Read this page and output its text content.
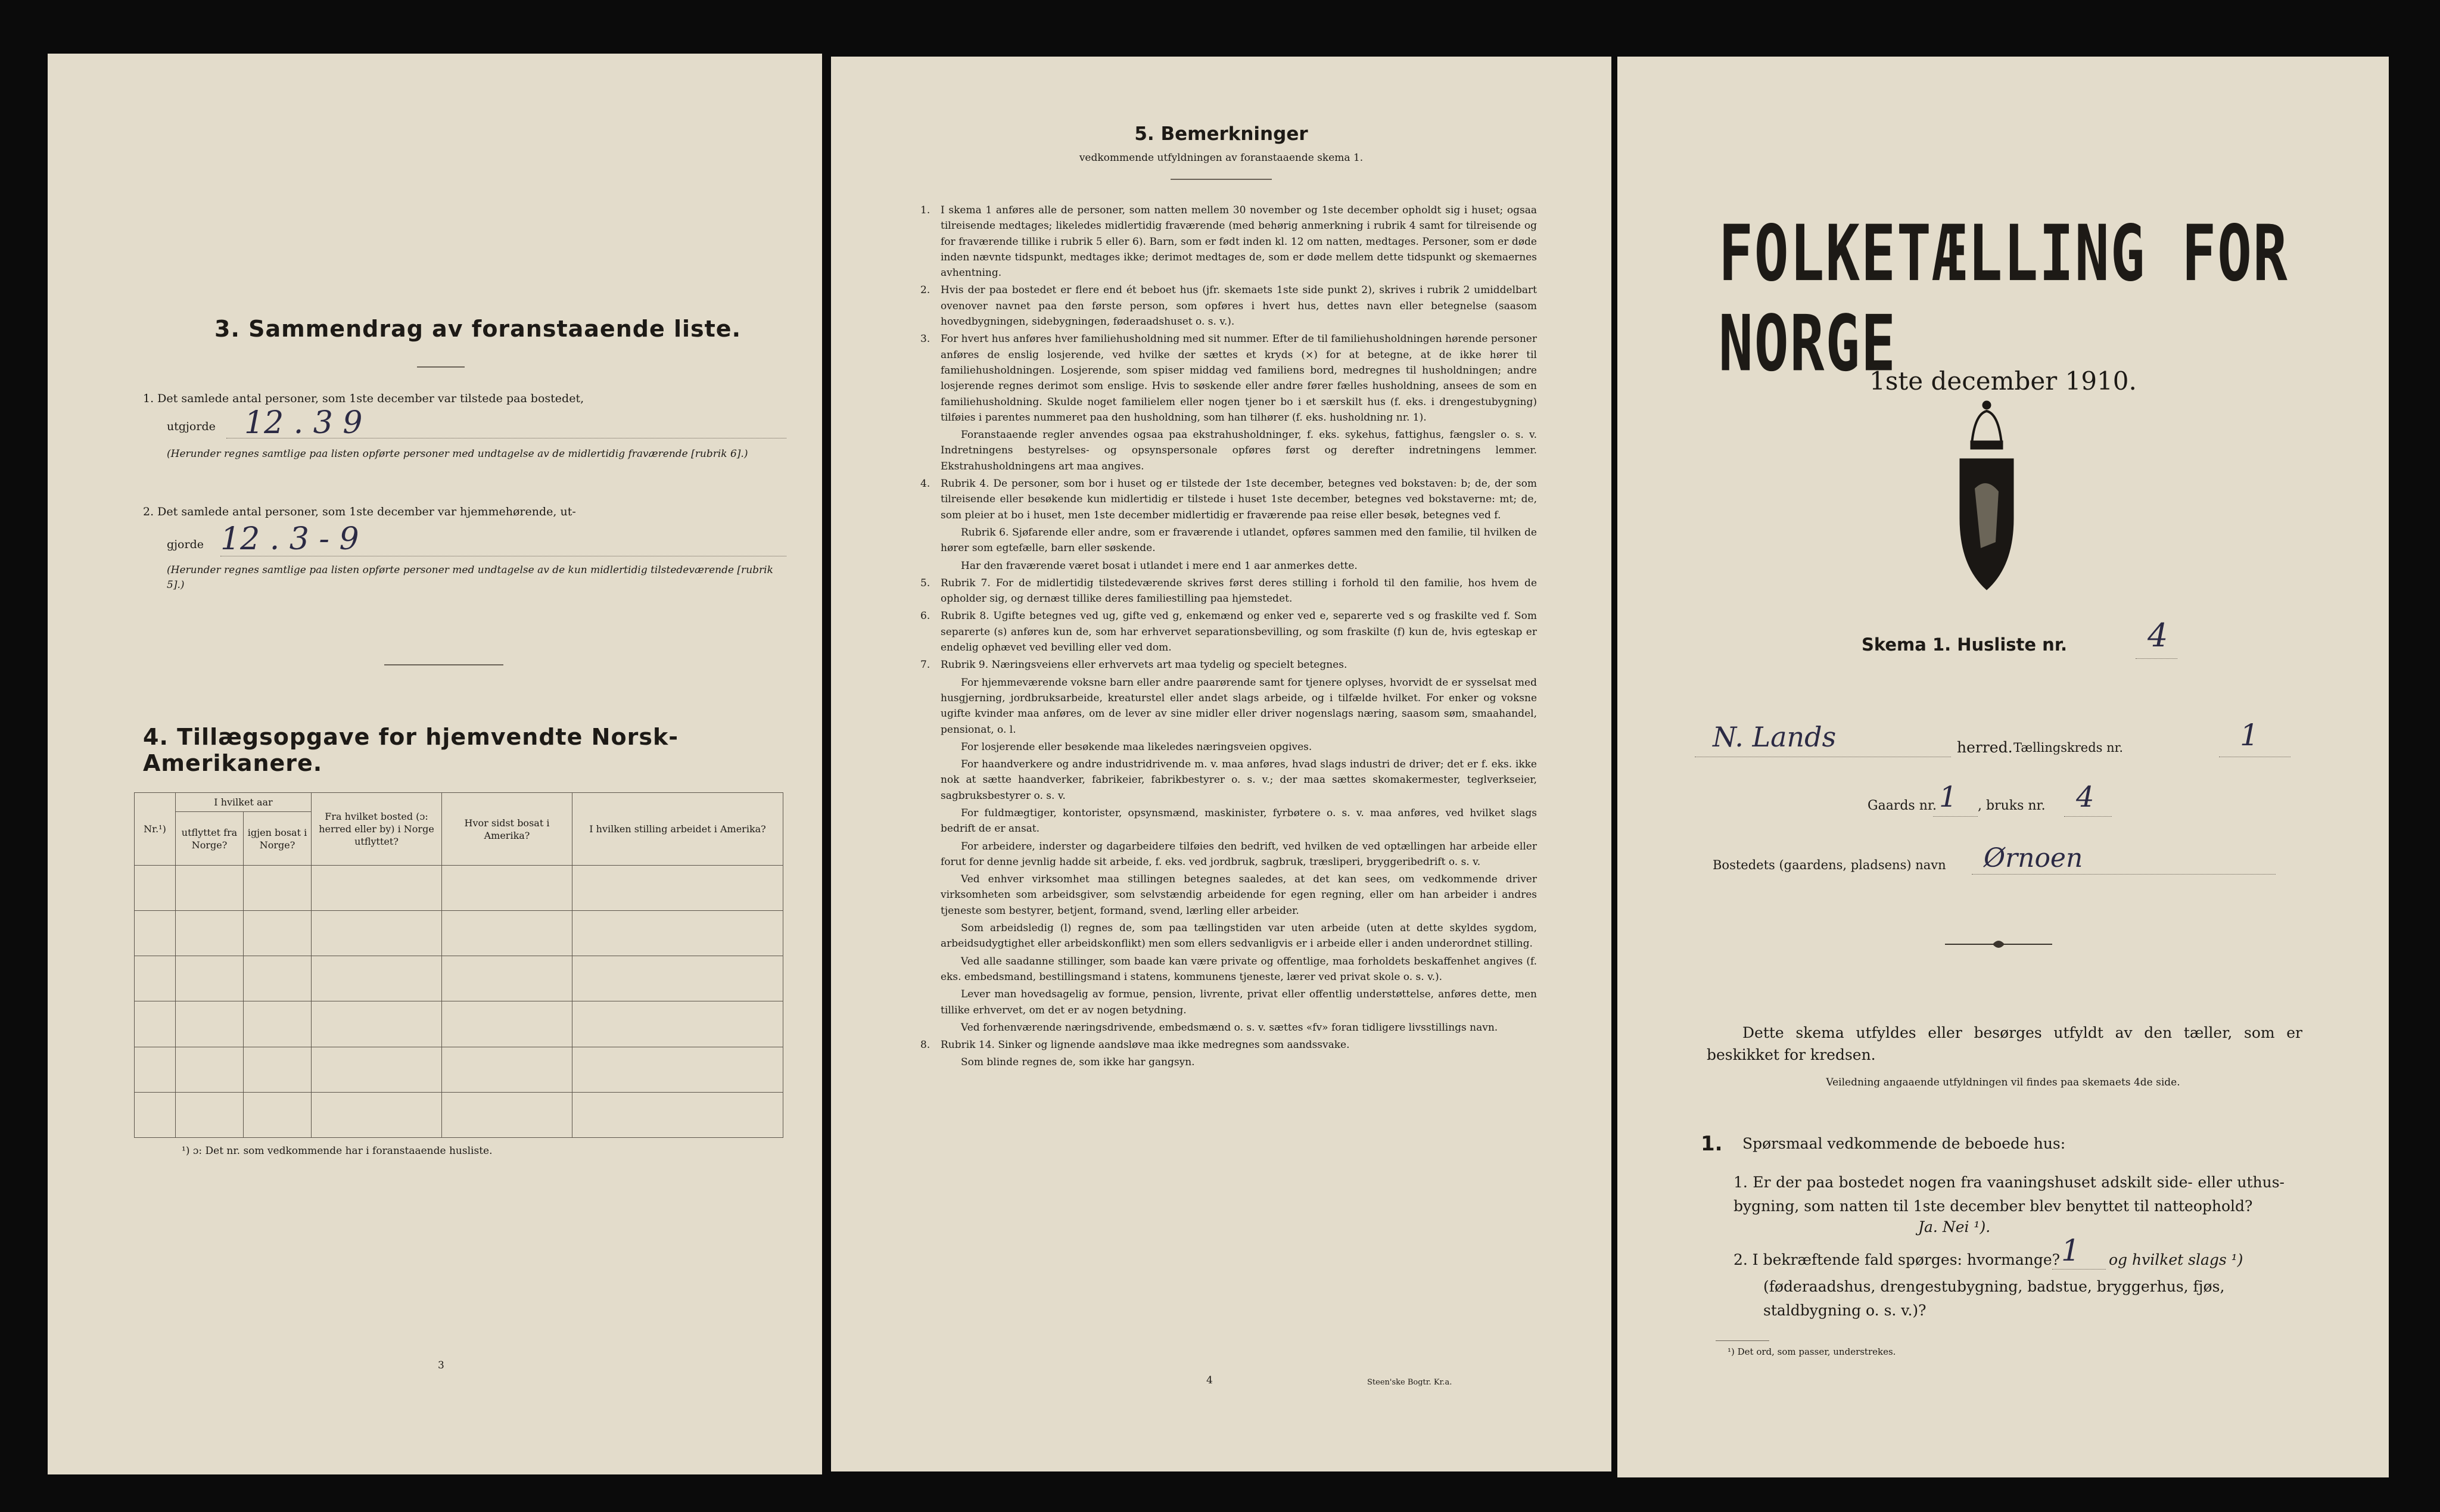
3. Sammendrag av foranstaaende liste.
1. Det samlede antal personer, som 1ste december var tilstede paa bostedet,
utgjorde 12 . 3 9
(Herunder regnes samtlige paa listen opførte personer med undtagelse av de midlertidig fraværende [rubrik 6].)
2. Det samlede antal personer, som 1ste december var hjemmehørende, ut-
gjorde 12 . 3 - 9
(Herunder regnes samtlige paa listen opførte personer med undtagelse av de kun midlertidig tilstedeværende [rubrik 5].)
4. Tillægsopgave for hjemvendte Norsk-Amerikanere.
Nr.¹)	I hvilket aar		Fra hvilket bosted (ɔ: herred eller by) i Norge utflyttet?	Hvor sidst bosat i Amerika?	I hvilken stilling arbeidet i Amerika?
	utflyttet fra Norge?	igjen bosat i Norge?			

¹) ɔ: Det nr. som vedkommende har i foranstaaende husliste.
3
5. Bemerkninger
vedkommende utfyldningen av foranstaaende skema 1.
1.	I skema 1 anføres alle de personer, som natten mellem 30 november og 1ste december opholdt sig i huset; ogsaa tilreisende medtages; likeledes midlertidig fraværende (med behørig anmerkning i rubrik 4 samt for tilreisende og for fraværende tillike i rubrik 5 eller 6). Barn, som er født inden kl. 12 om natten, medtages. Personer, som er døde inden nævnte tidspunkt, medtages ikke; derimot medtages de, som er døde mellem dette tidspunkt og skemaernes avhentning.
2.	Hvis der paa bostedet er flere end ét beboet hus (jfr. skemaets 1ste side punkt 2), skrives i rubrik 2 umiddelbart ovenover navnet paa den første person, som opføres i hvert hus, dettes navn eller betegnelse (saasom hovedbygningen, sidebygningen, føderaadshuset o. s. v.).
3.	For hvert hus anføres hver familiehusholdning med sit nummer. Efter de til familiehusholdningen hørende personer anføres de enslig losjerende, ved hvilke der sættes et kryds (×) for at betegne, at de ikke hører til familiehusholdningen. Losjerende, som spiser middag ved familiens bord, medregnes til husholdningen; andre losjerende regnes derimot som enslige. Hvis to søskende eller andre fører fælles husholdning, ansees de som en familiehusholdning. Skulde noget familielem eller nogen tjener bo i et særskilt hus (f. eks. i drengestubygning) tilføies i parentes nummeret paa den husholdning, som han tilhører (f. eks. husholdning nr. 1).
Foranstaaende regler anvendes ogsaa paa ekstrahusholdninger, f. eks. sykehus, fattighus, fængsler o. s. v. Indretningens bestyrelses- og opsynspersonale opføres først og derefter indretningens lemmer. Ekstrahusholdningens art maa angives.
4.	Rubrik 4. De personer, som bor i huset og er tilstede der 1ste december, betegnes ved bokstaven: b; de, der som tilreisende eller besøkende kun midlertidig er tilstede i huset 1ste december, betegnes ved bokstaverne: mt; de, som pleier at bo i huset, men 1ste december midlertidig er fraværende paa reise eller besøk, betegnes ved f.
Rubrik 6. Sjøfarende eller andre, som er fraværende i utlandet, opføres sammen med den familie, til hvilken de hører som egtefælle, barn eller søskende.
Har den fraværende været bosat i utlandet i mere end 1 aar anmerkes dette.
5.	Rubrik 7. For de midlertidig tilstedeværende skrives først deres stilling i forhold til den familie, hos hvem de opholder sig, og dernæst tillike deres familiestilling paa hjemstedet.
6.	Rubrik 8. Ugifte betegnes ved ug, gifte ved g, enkemænd og enker ved e, separerte ved s og fraskilte ved f. Som separerte (s) anføres kun de, som har erhvervet separationsbevilling, og som fraskilte (f) kun de, hvis egteskap er endelig ophævet ved bevilling eller ved dom.
7.	Rubrik 9. Næringsveiens eller erhvervets art maa tydelig og specielt betegnes.
For hjemmeværende voksne barn eller andre paarørende samt for tjenere oplyses, hvorvidt de er sysselsat med husgjerning, jordbruksarbeide, kreaturstel eller andet slags arbeide, og i tilfælde hvilket. For enker og voksne ugifte kvinder maa anføres, om de lever av sine midler eller driver nogenslags næring, saasom søm, smaahandel, pensionat, o. l.
For losjerende eller besøkende maa likeledes næringsveien opgives.
For haandverkere og andre industridrivende m. v. maa anføres, hvad slags industri de driver; det er f. eks. ikke nok at sætte haandverker, fabrikeier, fabrikbestyrer o. s. v.; der maa sættes skomakermester, teglverkseier, sagbruksbestyrer o. s. v.
For fuldmægtiger, kontorister, opsynsmænd, maskinister, fyrbøtere o. s. v. maa anføres, ved hvilket slags bedrift de er ansat.
For arbeidere, inderster og dagarbeidere tilføies den bedrift, ved hvilken de ved optællingen har arbeide eller forut for denne jevnlig hadde sit arbeide, f. eks. ved jordbruk, sagbruk, træsliperi, bryggeribedrift o. s. v.
Ved enhver virksomhet maa stillingen betegnes saaledes, at det kan sees, om vedkommende driver virksomheten som arbeidsgiver, som selvstændig arbeidende for egen regning, eller om han arbeider i andres tjeneste som bestyrer, betjent, formand, svend, lærling eller arbeider.
Som arbeidsledig (l) regnes de, som paa tællingstiden var uten arbeide (uten at dette skyldes sygdom, arbeidsudygtighet eller arbeidskonflikt) men som ellers sedvanligvis er i arbeide eller i anden underordnet stilling.
Ved alle saadanne stillinger, som baade kan være private og offentlige, maa forholdets beskaffenhet angives (f. eks. embedsmand, bestillingsmand i statens, kommunens tjeneste, lærer ved privat skole o. s. v.).
Lever man hovedsagelig av formue, pension, livrente, privat eller offentlig understøttelse, anføres dette, men tillike erhvervet, om det er av nogen betydning.
Ved forhenværende næringsdrivende, embedsmænd o. s. v. sættes «fv» foran tidligere livsstillings navn.
8.	Rubrik 14. Sinker og lignende aandsløve maa ikke medregnes som aandssvake.
Som blinde regnes de, som ikke har gangsyn.
4	Steen'ske Bogtr. Kr.a.
FOLKETÆLLING FOR NORGE
1ste december 1910.
Skema 1. Husliste nr. 4
N. Lands	herred. Tællingskreds nr.	1
Gaards nr. 1 , bruks nr. 4
Bostedets (gaardens, pladsens) navn Ørnoen
Dette skema utfyldes eller besørges utfyldt av den tæller, som er beskikket for kredsen.
Veiledning angaaende utfyldningen vil findes paa skemaets 4de side.
1. Spørsmaal vedkommende de beboede hus:
1. Er der paa bostedet nogen fra vaaningshuset adskilt side- eller uthus-bygning, som natten til 1ste december blev benyttet til natteophold?
Ja. Nei ¹).
2. I bekræftende fald spørges: hvormange? 1 og hvilket slags ¹)
(føderaadshus, drengestubygning, badstue, bryggerhus, fjøs, staldbygning o. s. v.)?
¹) Det ord, som passer, understrekes.
